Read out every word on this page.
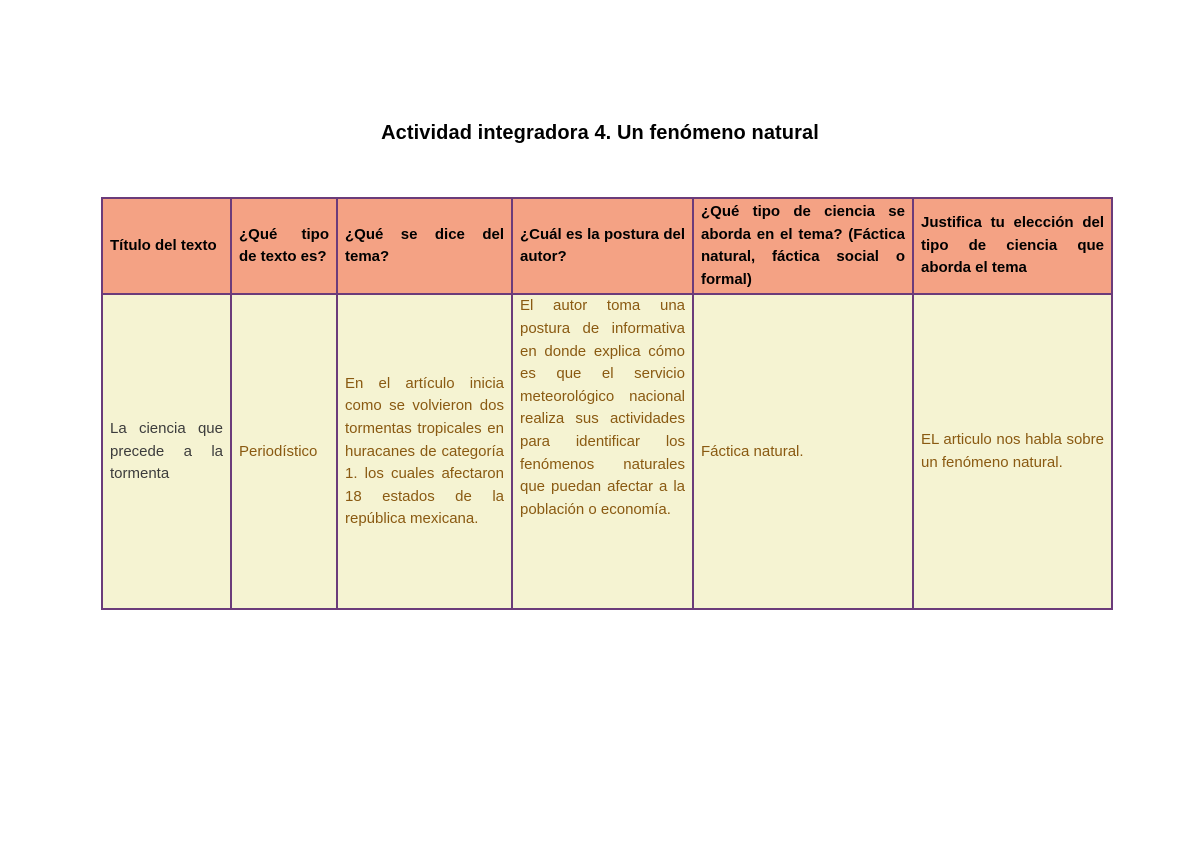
Actividad integradora 4. Un fenómeno natural
Título del texto	¿Qué tipo de texto es?	¿Qué se dice del tema?	¿Cuál es la postura del autor?	¿Qué tipo de ciencia se aborda en el tema? (Fáctica natural, fáctica social o formal)	Justifica tu elección del tipo de ciencia que aborda el tema

La ciencia que precede a la tormenta	Periodístico	En el artículo inicia como se volvieron dos tormentas tropicales en huracanes de categoría 1. los cuales afectaron 18 estados de la república mexicana.	El autor toma una postura de informativa en donde explica cómo es que el servicio meteorológico nacional realiza sus actividades para identificar los fenómenos naturales que puedan afectar a la población o economía.	Fáctica natural.	EL articulo nos habla sobre un fenómeno natural.
